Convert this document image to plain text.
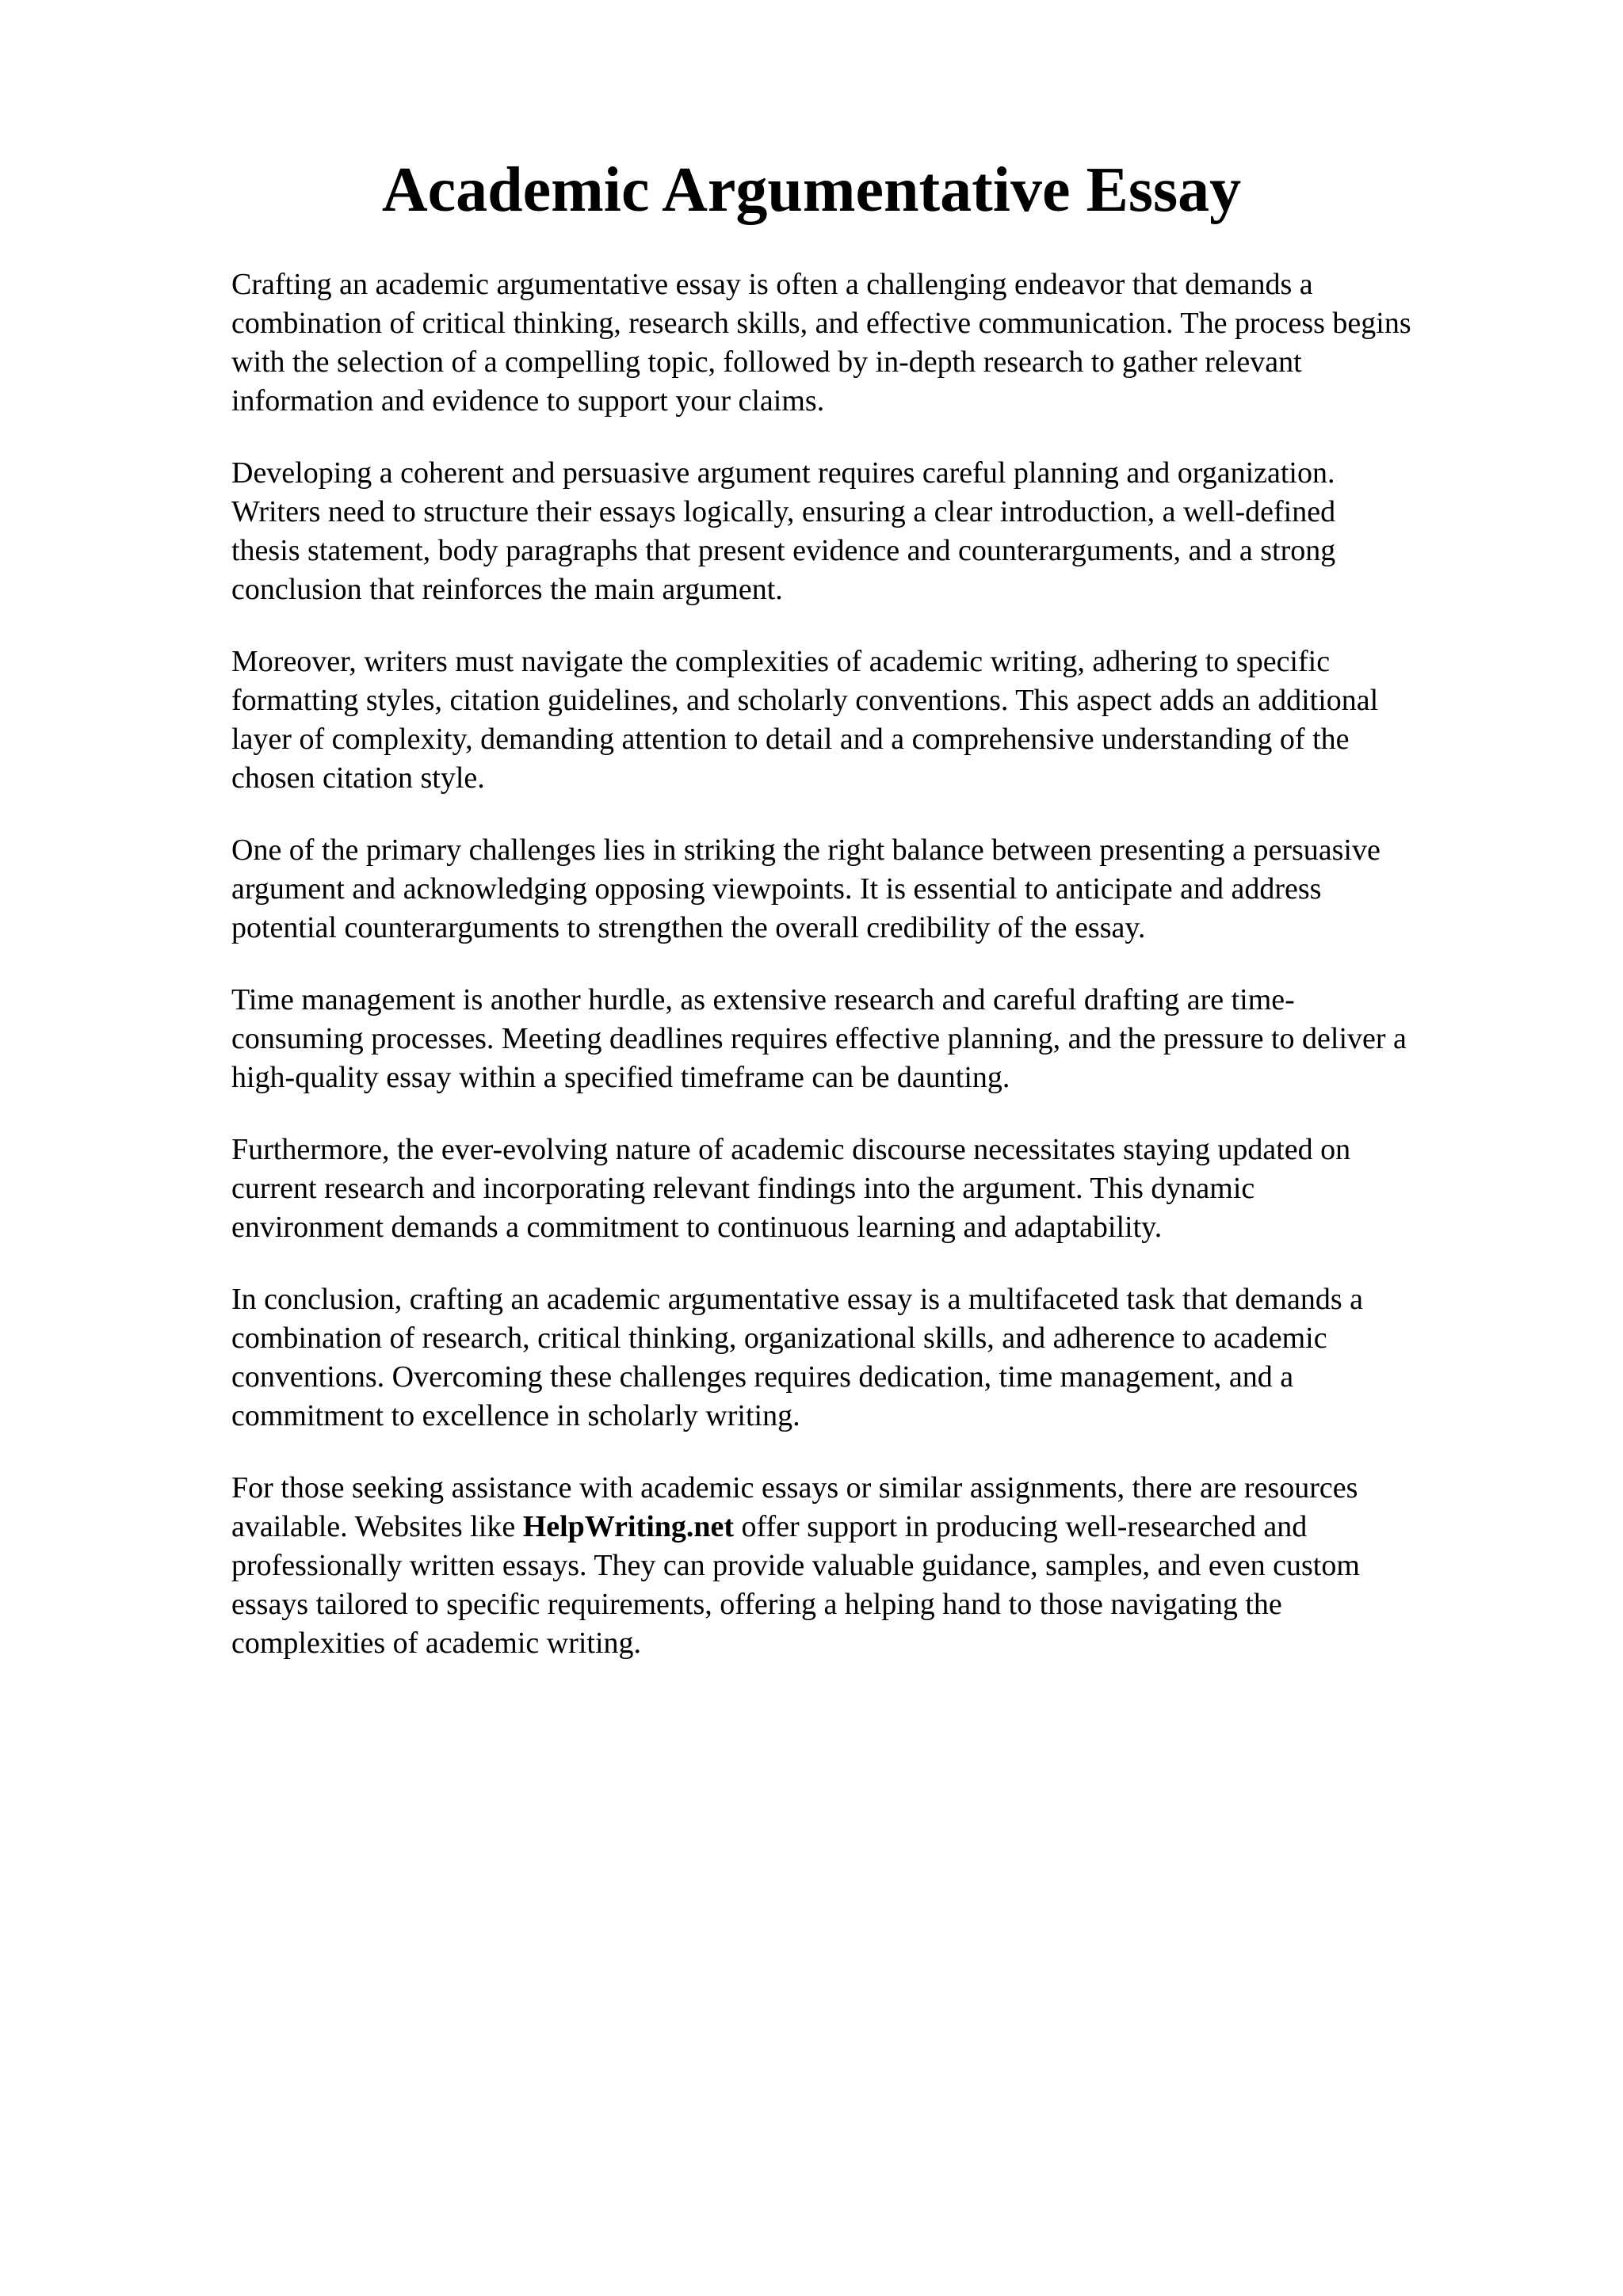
Academic Argumentative Essay

Crafting an academic argumentative essay is often a challenging endeavor that demands a
combination of critical thinking, research skills, and effective communication. The process begins
with the selection of a compelling topic, followed by in-depth research to gather relevant
information and evidence to support your claims.

Developing a coherent and persuasive argument requires careful planning and organization.
Writers need to structure their essays logically, ensuring a clear introduction, a well-defined
thesis statement, body paragraphs that present evidence and counterarguments, and a strong
conclusion that reinforces the main argument.

Moreover, writers must navigate the complexities of academic writing, adhering to specific
formatting styles, citation guidelines, and scholarly conventions. This aspect adds an additional
layer of complexity, demanding attention to detail and a comprehensive understanding of the
chosen citation style.

One of the primary challenges lies in striking the right balance between presenting a persuasive
argument and acknowledging opposing viewpoints. It is essential to anticipate and address
potential counterarguments to strengthen the overall credibility of the essay.

Time management is another hurdle, as extensive research and careful drafting are time-
consuming processes. Meeting deadlines requires effective planning, and the pressure to deliver a
high-quality essay within a specified timeframe can be daunting.

Furthermore, the ever-evolving nature of academic discourse necessitates staying updated on
current research and incorporating relevant findings into the argument. This dynamic
environment demands a commitment to continuous learning and adaptability.

In conclusion, crafting an academic argumentative essay is a multifaceted task that demands a
combination of research, critical thinking, organizational skills, and adherence to academic
conventions. Overcoming these challenges requires dedication, time management, and a
commitment to excellence in scholarly writing.

For those seeking assistance with academic essays or similar assignments, there are resources
available. Websites like HelpWriting.net offer support in producing well-researched and
professionally written essays. They can provide valuable guidance, samples, and even custom
essays tailored to specific requirements, offering a helping hand to those navigating the
complexities of academic writing.
